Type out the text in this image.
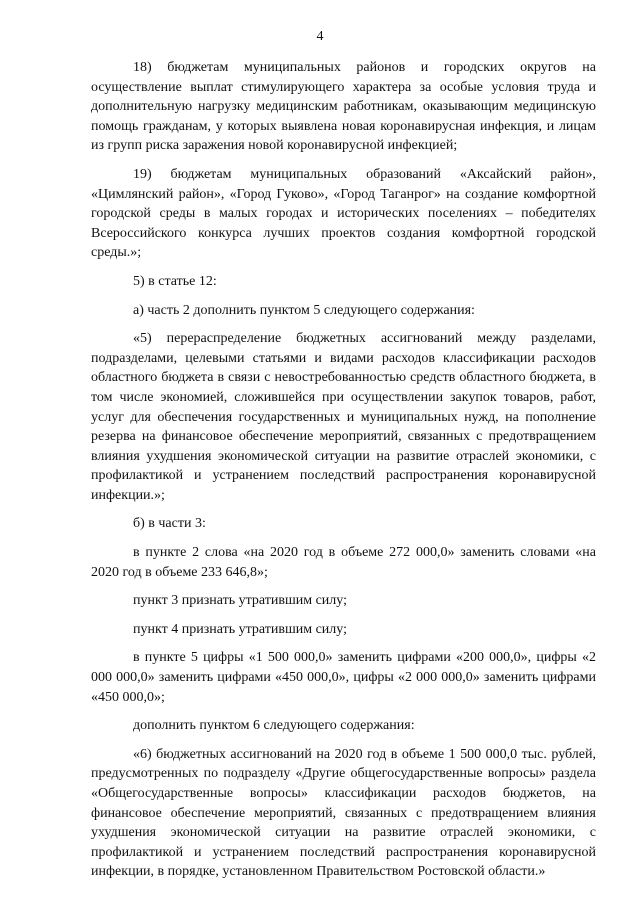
4

18) бюджетам муниципальных районов и городских округов на осуществление выплат стимулирующего характера за особые условия труда и дополнительную нагрузку медицинским работникам, оказывающим медицинскую помощь гражданам, у которых выявлена новая коронавирусная инфекция, и лицам из групп риска заражения новой коронавирусной инфекцией;

19) бюджетам муниципальных образований «Аксайский район», «Цимлянский район», «Город Гуково», «Город Таганрог» на создание комфортной городской среды в малых городах и исторических поселениях – победителях Всероссийского конкурса лучших проектов создания комфортной городской среды.»;

5) в статье 12:

а) часть 2 дополнить пунктом 5 следующего содержания:

«5) перераспределение бюджетных ассигнований между разделами, подразделами, целевыми статьями и видами расходов классификации расходов областного бюджета в связи с невостребованностью средств областного бюджета, в том числе экономией, сложившейся при осуществлении закупок товаров, работ, услуг для обеспечения государственных и муниципальных нужд, на пополнение резерва на финансовое обеспечение мероприятий, связанных с предотвращением влияния ухудшения экономической ситуации на развитие отраслей экономики, с профилактикой и устранением последствий распространения коронавирусной инфекции.»;

б) в части 3:

в пункте 2 слова «на 2020 год в объеме 272 000,0» заменить словами «на 2020 год в объеме 233 646,8»;

пункт 3 признать утратившим силу;

пункт 4 признать утратившим силу;

в пункте 5 цифры «1 500 000,0» заменить цифрами «200 000,0», цифры «2 000 000,0» заменить цифрами «450 000,0», цифры «2 000 000,0» заменить цифрами «450 000,0»;

дополнить пунктом 6 следующего содержания:

«6) бюджетных ассигнований на 2020 год в объеме 1 500 000,0 тыс. рублей, предусмотренных по подразделу «Другие общегосударственные вопросы» раздела «Общегосударственные вопросы» классификации расходов бюджетов, на финансовое обеспечение мероприятий, связанных с предотвращением влияния ухудшения экономической ситуации на развитие отраслей экономики, с профилактикой и устранением последствий распространения коронавирусной инфекции, в порядке, установленном Правительством Ростовской области.»
